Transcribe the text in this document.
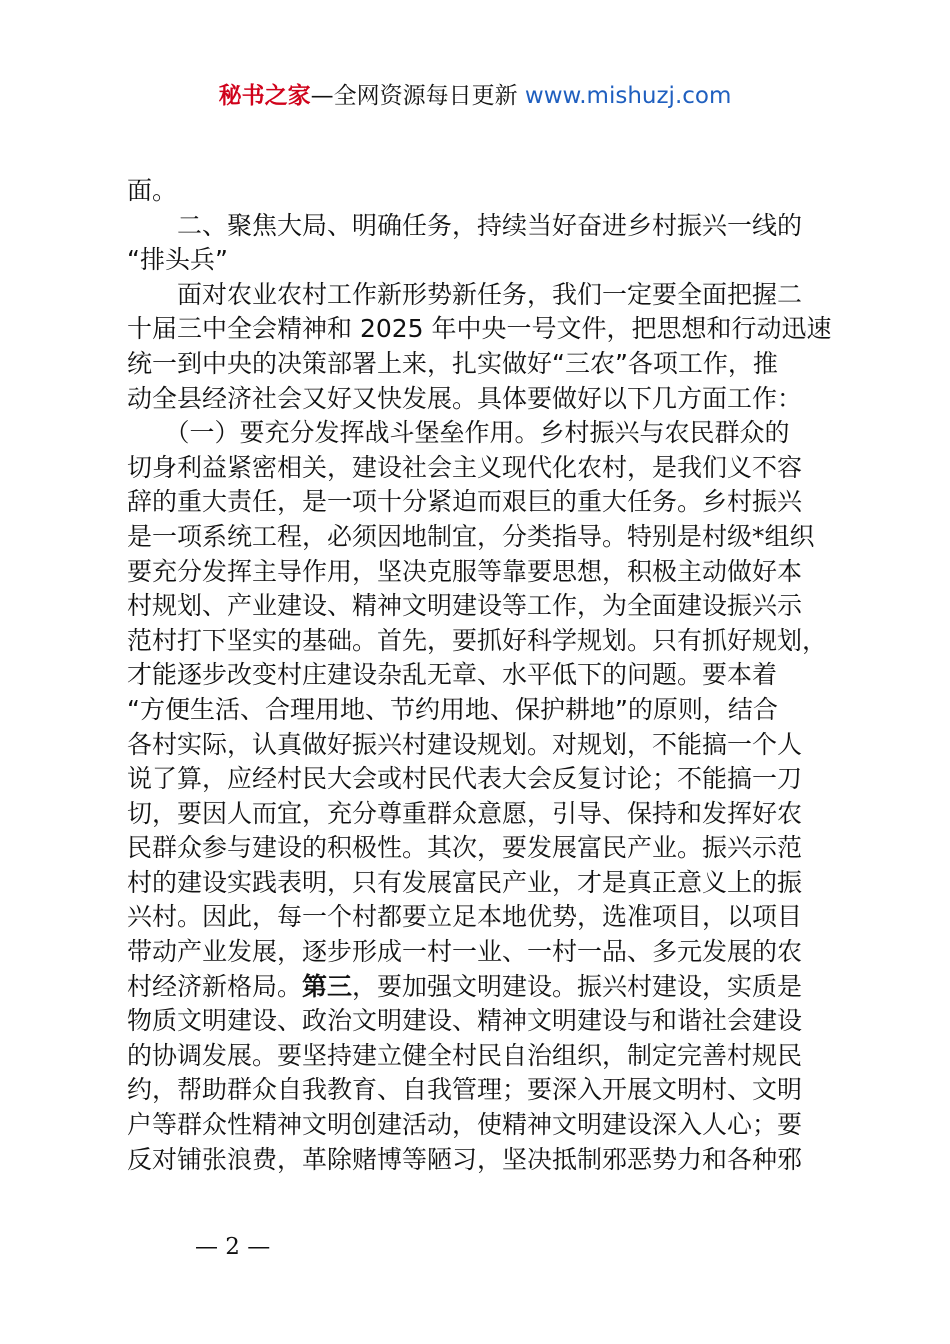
秘书之家—全网资源每日更新 www.mishuzj.com
面。
　　二、聚焦大局、明确任务，持续当好奋进乡村振兴一线的
“排头兵”
　　面对农业农村工作新形势新任务，我们一定要全面把握二
十届三中全会精神和 2025 年中央一号文件，把思想和行动迅速
统一到中央的决策部署上来，扎实做好“三农”各项工作，推
动全县经济社会又好又快发展。具体要做好以下几方面工作：
　　（一）要充分发挥战斗堡垒作用。乡村振兴与农民群众的
切身利益紧密相关，建设社会主义现代化农村，是我们义不容
辞的重大责任，是一项十分紧迫而艰巨的重大任务。乡村振兴
是一项系统工程，必须因地制宜，分类指导。特别是村级*组织
要充分发挥主导作用，坚决克服等靠要思想，积极主动做好本
村规划、产业建设、精神文明建设等工作，为全面建设振兴示
范村打下坚实的基础。首先，要抓好科学规划。只有抓好规划，
才能逐步改变村庄建设杂乱无章、水平低下的问题。要本着
“方便生活、合理用地、节约用地、保护耕地”的原则，结合
各村实际，认真做好振兴村建设规划。对规划，不能搞一个人
说了算，应经村民大会或村民代表大会反复讨论；不能搞一刀
切，要因人而宜，充分尊重群众意愿，引导、保持和发挥好农
民群众参与建设的积极性。其次，要发展富民产业。振兴示范
村的建设实践表明，只有发展富民产业，才是真正意义上的振
兴村。因此，每一个村都要立足本地优势，选准项目，以项目
带动产业发展，逐步形成一村一业、一村一品、多元发展的农
村经济新格局。第三，要加强文明建设。振兴村建设，实质是
物质文明建设、政治文明建设、精神文明建设与和谐社会建设
的协调发展。要坚持建立健全村民自治组织，制定完善村规民
约，帮助群众自我教育、自我管理；要深入开展文明村、文明
户等群众性精神文明创建活动，使精神文明建设深入人心；要
反对铺张浪费，革除赌博等陋习，坚决抵制邪恶势力和各种邪
— 2 —
